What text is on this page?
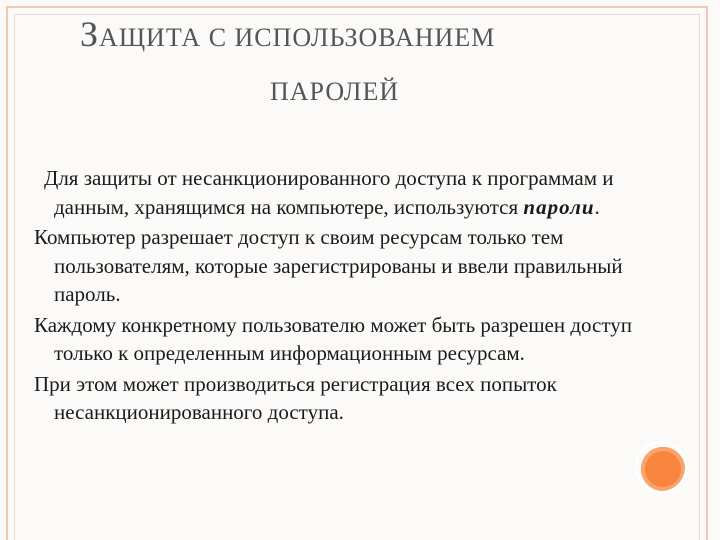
ЗАЩИТА С ИСПОЛЬЗОВАНИЕМ
ПАРОЛЕЙ

Для защиты от несанкционированного доступа к программам и данным, хранящимся на компьютере, используются пароли.

Компьютер разрешает доступ к своим ресурсам только тем пользователям, которые зарегистрированы и ввели правильный пароль.

Каждому конкретному пользователю может быть разрешен доступ только к определенным информационным ресурсам.

При этом может производиться регистрация всех попыток несанкционированного доступа.
